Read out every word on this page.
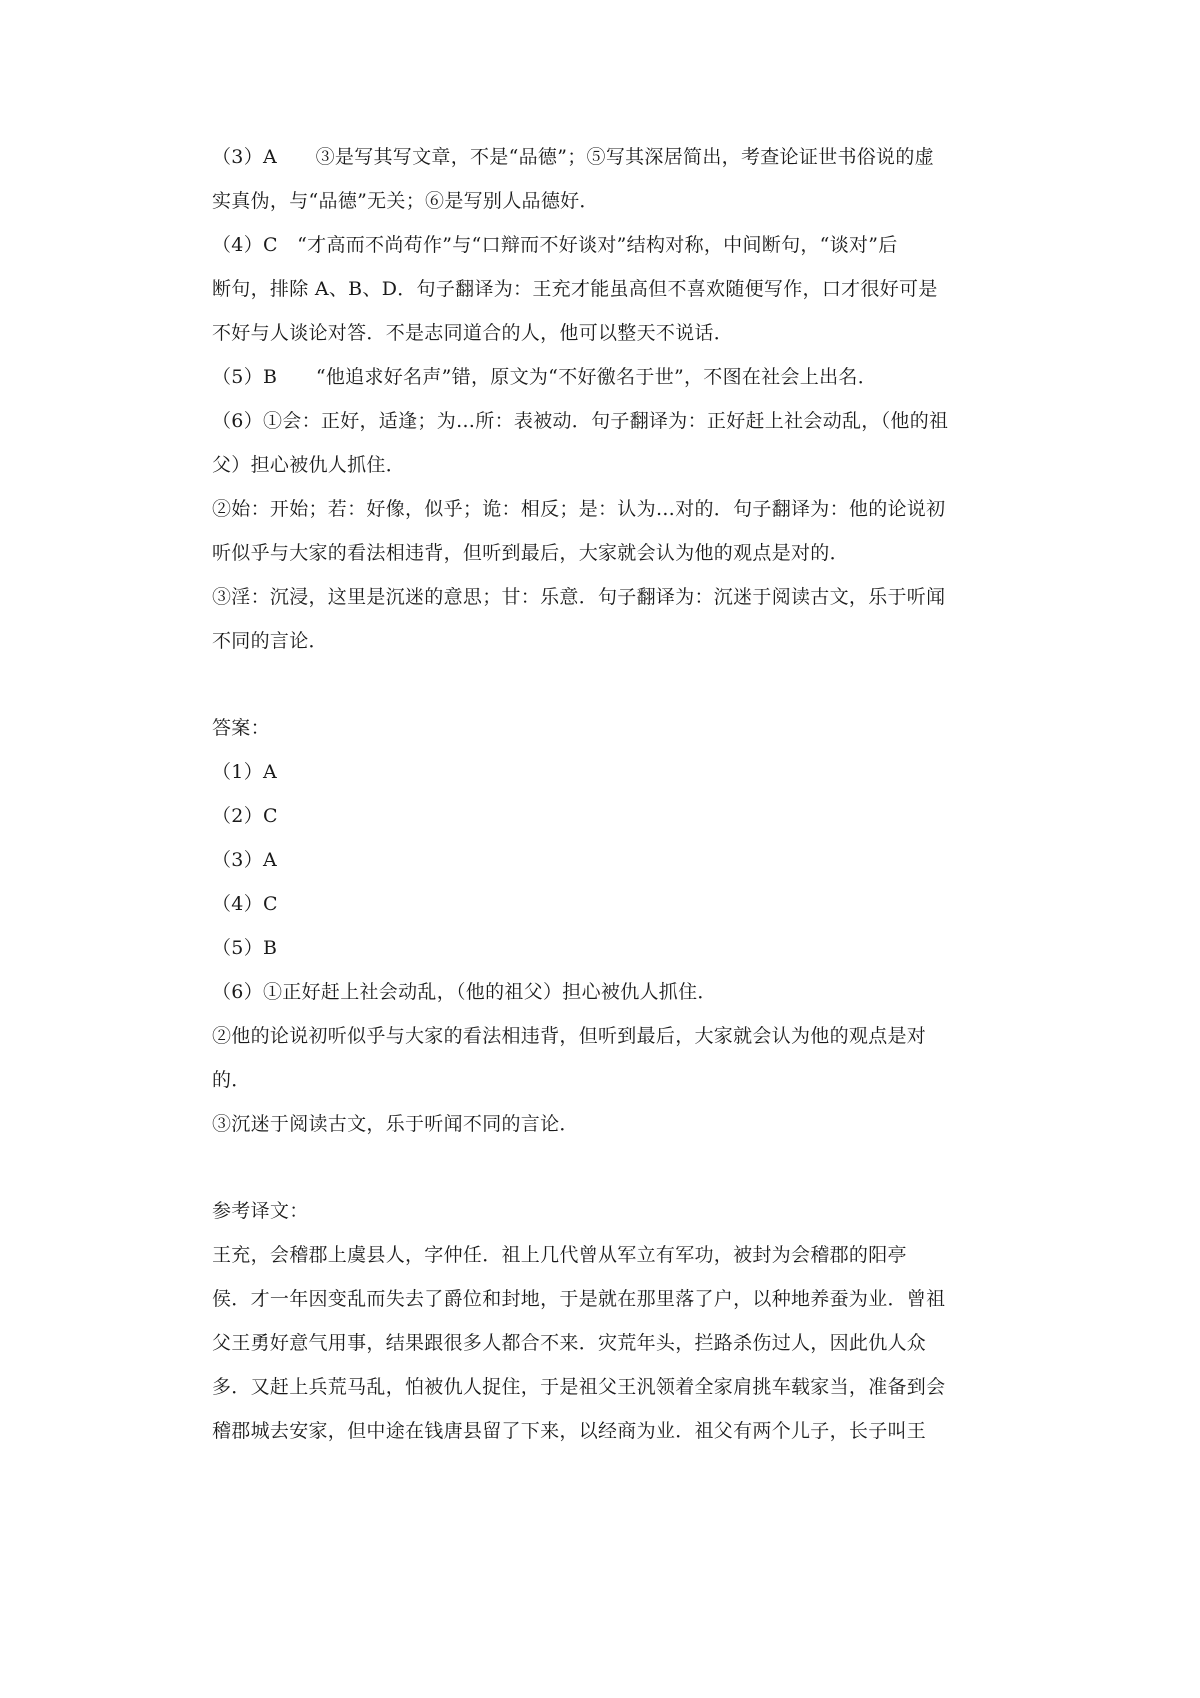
（3）A　　③是写其写文章，不是“品德”；⑤写其深居简出，考查论证世书俗说的虚
实真伪，与“品德”无关；⑥是写别人品德好．
（4）C　“才高而不尚苟作”与“口辩而不好谈对”结构对称，中间断句，“谈对”后
断句，排除 A、B、D．句子翻译为：王充才能虽高但不喜欢随便写作，口才很好可是
不好与人谈论对答．不是志同道合的人，他可以整天不说话．
（5）B　　“他追求好名声”错，原文为“不好徼名于世”，不图在社会上出名．
（6）①会：正好，适逢；为…所：表被动．句子翻译为：正好赶上社会动乱，（他的祖
父）担心被仇人抓住．
②始：开始；若：好像，似乎；诡：相反；是：认为…对的．句子翻译为：他的论说初
听似乎与大家的看法相违背，但听到最后，大家就会认为他的观点是对的．
③淫：沉浸，这里是沉迷的意思；甘：乐意．句子翻译为：沉迷于阅读古文，乐于听闻
不同的言论．
答案：
（1）A
（2）C
（3）A
（4）C
（5）B
（6）①正好赶上社会动乱，（他的祖父）担心被仇人抓住．
②他的论说初听似乎与大家的看法相违背，但听到最后，大家就会认为他的观点是对
的．
③沉迷于阅读古文，乐于听闻不同的言论．
参考译文：
王充，会稽郡上虞县人，字仲任．祖上几代曾从军立有军功，被封为会稽郡的阳亭
侯．才一年因变乱而失去了爵位和封地，于是就在那里落了户，以种地养蚕为业．曾祖
父王勇好意气用事，结果跟很多人都合不来．灾荒年头，拦路杀伤过人，因此仇人众
多．又赶上兵荒马乱，怕被仇人捉住，于是祖父王汎领着全家肩挑车载家当，准备到会
稽郡城去安家，但中途在钱唐县留了下来，以经商为业．祖父有两个儿子，长子叫王
